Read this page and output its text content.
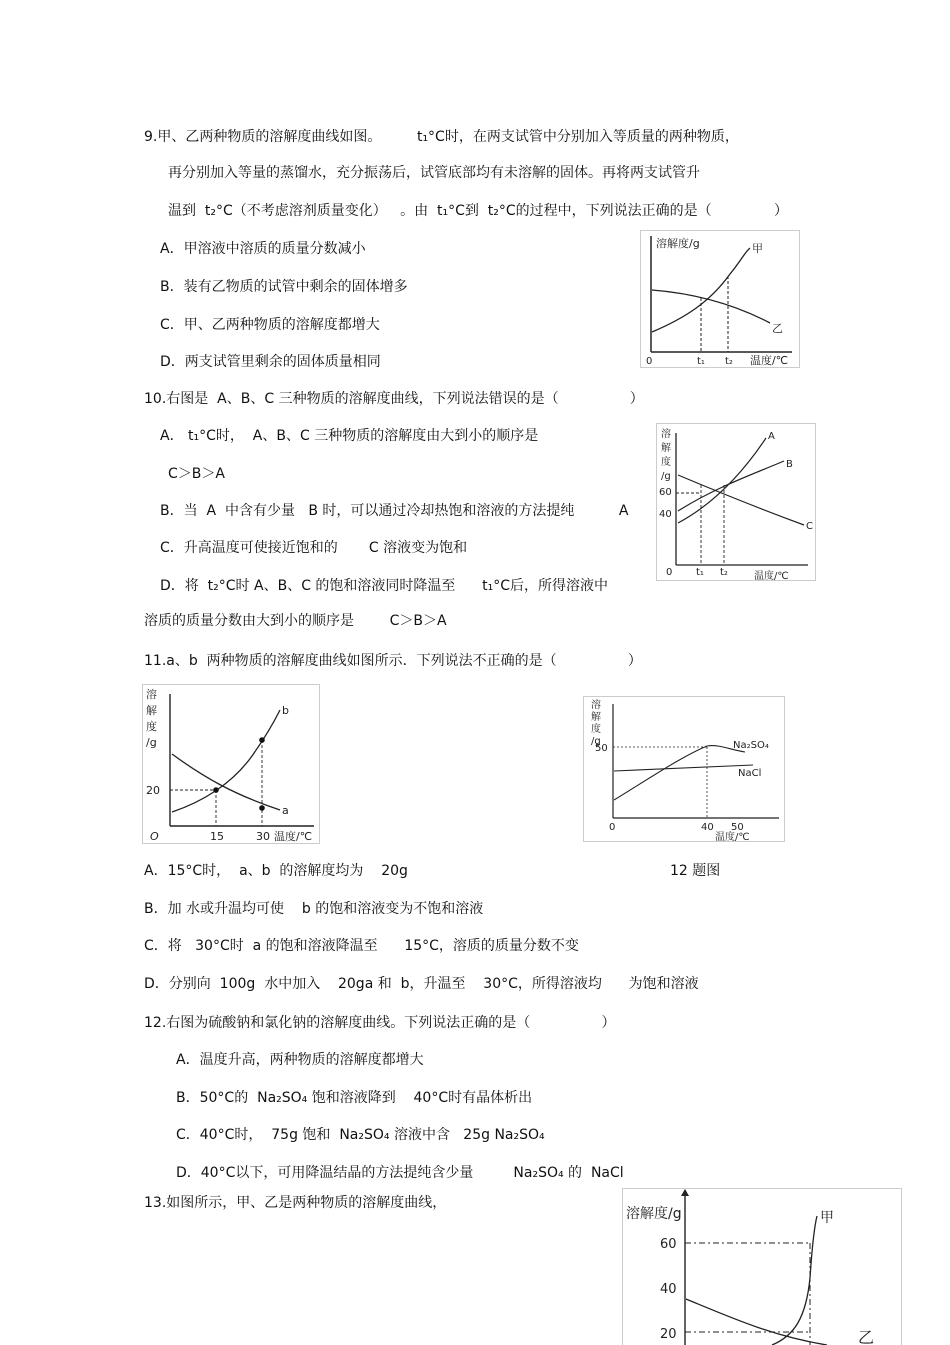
9.甲、乙两种物质的溶解度曲线如图。        t₁°C时，在两支试管中分别加入等质量的两种物质，
再分别加入等量的蒸馏水，充分振荡后，试管底部均有未溶解的固体。再将两支试管升
温到  t₂°C（不考虑溶剂质量变化）   。由  t₁°C到  t₂°C的过程中，下列说法正确的是（              ）
A．甲溶液中溶质的质量分数减小
B．装有乙物质的试管中剩余的固体增多
C．甲、乙两种物质的溶解度都增大
D．两支试管里剩余的固体质量相同
溶解度/g
温度/℃
0	t₁ t₂
甲
乙
10.右图是  A、B、C 三种物质的溶解度曲线，下列说法错误的是（                ）
A． t₁°C时，  A、B、C 三种物质的溶解度由大到小的顺序是
C＞B＞A
B．当  A  中含有少量   B 时，可以通过冷却热饱和溶液的方法提纯          A
C．升高温度可使接近饱和的       C 溶液变为饱和
D．将  t₂°C时 A、B、C 的饱和溶液同时降温至      t₁°C后，所得溶液中
溶质的质量分数由大到小的顺序是        C＞B＞A
溶
解
度
/g
60
40
0 t₁ t₂	温度/℃
A
B
C
11.a、b  两种物质的溶解度曲线如图所示．下列说法不正确的是（                ）
溶
解
度
/g
20
O	15	30 温度/℃
b
a
溶
解
度
/g
50
0	40 50
温度/℃
Na₂SO₄
NaCl
A．15°C时，  a、b  的溶解度均为    20g	12 题图
B．加 水或升温均可使    b 的饱和溶液变为不饱和溶液
C．将   30°C时  a 的饱和溶液降温至      15°C，溶质的质量分数不变
D．分别向  100g  水中加入    20ga 和  b，升温至    30°C，所得溶液均      为饱和溶液
12.右图为硫酸钠和氯化钠的溶解度曲线。下列说法正确的是（                ）
A．温度升高，两种物质的溶解度都增大
B．50°C的  Na₂SO₄ 饱和溶液降到    40°C时有晶体析出
C．40°C时，  75g 饱和  Na₂SO₄ 溶液中含   25g Na₂SO₄
D．40°C以下，可用降温结晶的方法提纯含少量         Na₂SO₄ 的  NaCl
13.如图所示，甲、乙是两种物质的溶解度曲线，
溶解度/g
60
40
20
甲
乙
